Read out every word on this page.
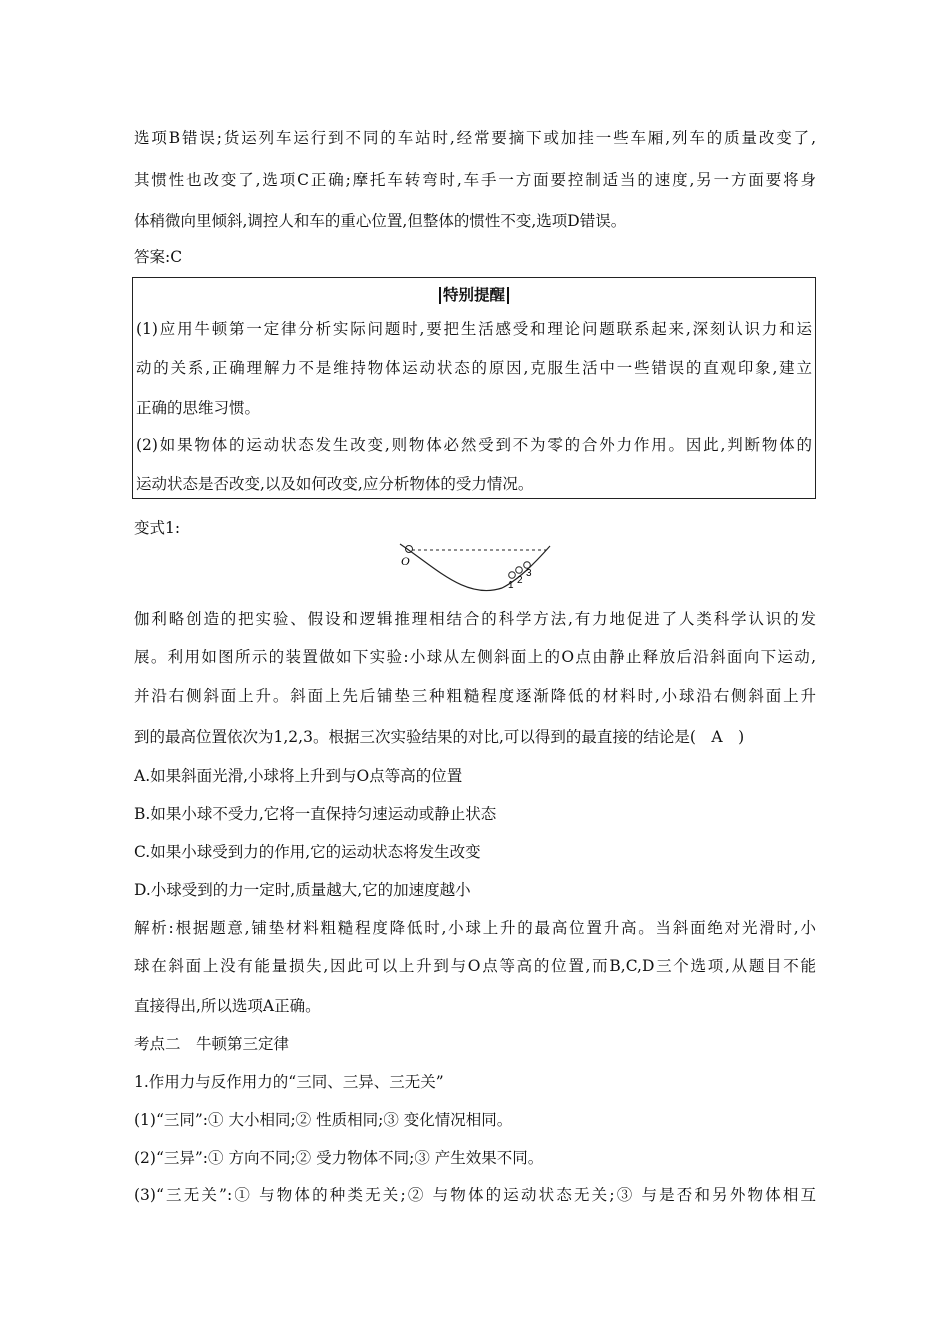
选项B错误;货运列车运行到不同的车站时,经常要摘下或加挂一些车厢,列车的质量改变了,
其惯性也改变了,选项C正确;摩托车转弯时,车手一方面要控制适当的速度,另一方面要将身
体稍微向里倾斜,调控人和车的重心位置,但整体的惯性不变,选项D错误。
答案:C
特别提醒
(1)应用牛顿第一定律分析实际问题时,要把生活感受和理论问题联系起来,深刻认识力和运
动的关系,正确理解力不是维持物体运动状态的原因,克服生活中一些错误的直观印象,建立
正确的思维习惯。
(2)如果物体的运动状态发生改变,则物体必然受到不为零的合外力作用。因此,判断物体的
运动状态是否改变,以及如何改变,应分析物体的受力情况。
变式1:
O
1 2
3
伽利略创造的把实验、假设和逻辑推理相结合的科学方法,有力地促进了人类科学认识的发
展。利用如图所示的装置做如下实验:小球从左侧斜面上的O点由静止释放后沿斜面向下运动,
并沿右侧斜面上升。斜面上先后铺垫三种粗糙程度逐渐降低的材料时,小球沿右侧斜面上升
到的最高位置依次为1,2,3。根据三次实验结果的对比,可以得到的最直接的结论是(　A　)
A.如果斜面光滑,小球将上升到与O点等高的位置
B.如果小球不受力,它将一直保持匀速运动或静止状态
C.如果小球受到力的作用,它的运动状态将发生改变
D.小球受到的力一定时,质量越大,它的加速度越小
解析:根据题意,铺垫材料粗糙程度降低时,小球上升的最高位置升高。当斜面绝对光滑时,小
球在斜面上没有能量损失,因此可以上升到与O点等高的位置,而B,C,D三个选项,从题目不能
直接得出,所以选项A正确。
考点二　牛顿第三定律
1.作用力与反作用力的“三同、三异、三无关”
(1)“三同”:① 大小相同;② 性质相同;③ 变化情况相同。
(2)“三异”:① 方向不同;② 受力物体不同;③ 产生效果不同。
(3)“三无关”:① 与物体的种类无关;② 与物体的运动状态无关;③ 与是否和另外物体相互
